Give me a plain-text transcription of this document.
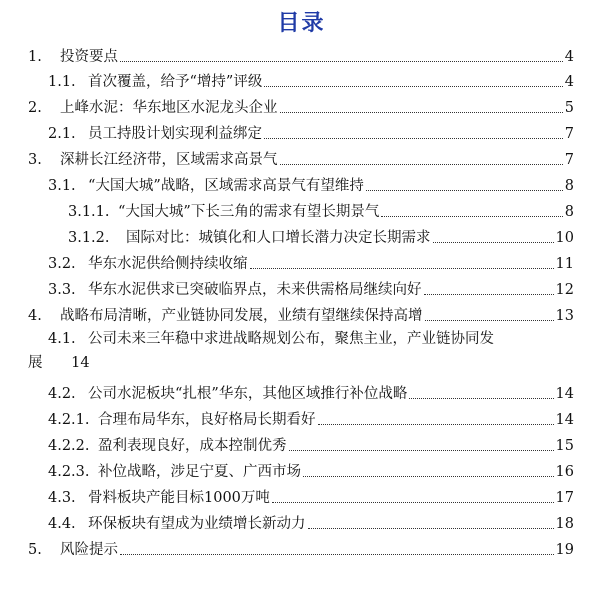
目录
1.	投资要点	4
1.1. 首次覆盖，给予“增持”评级	4
2.	上峰水泥：华东地区水泥龙头企业	5
2.1. 员工持股计划实现利益绑定	7
3.	深耕长江经济带，区域需求高景气	7
3.1. “大国大城”战略，区域需求高景气有望维持	8
3.1.1. “大国大城”下长三角的需求有望长期景气	8
3.1.2.	国际对比：城镇化和人口增长潜力决定长期需求	10
3.2. 华东水泥供给侧持续收缩	11
3.3. 华东水泥供求已突破临界点，未来供需格局继续向好	12
4.	战略布局清晰，产业链协同发展，业绩有望继续保持高增	13
4.1. 公司未来三年稳中求进战略规划公布，聚焦主业，产业链协同发
展 14
4.2. 公司水泥板块“扎根”华东，其他区域推行补位战略	14
4.2.1. 合理布局华东，良好格局长期看好	14
4.2.2. 盈利表现良好，成本控制优秀	15
4.2.3. 补位战略，涉足宁夏、广西市场	16
4.3. 骨料板块产能目标1000万吨	17
4.4. 环保板块有望成为业绩增长新动力	18
5.	风险提示	19
